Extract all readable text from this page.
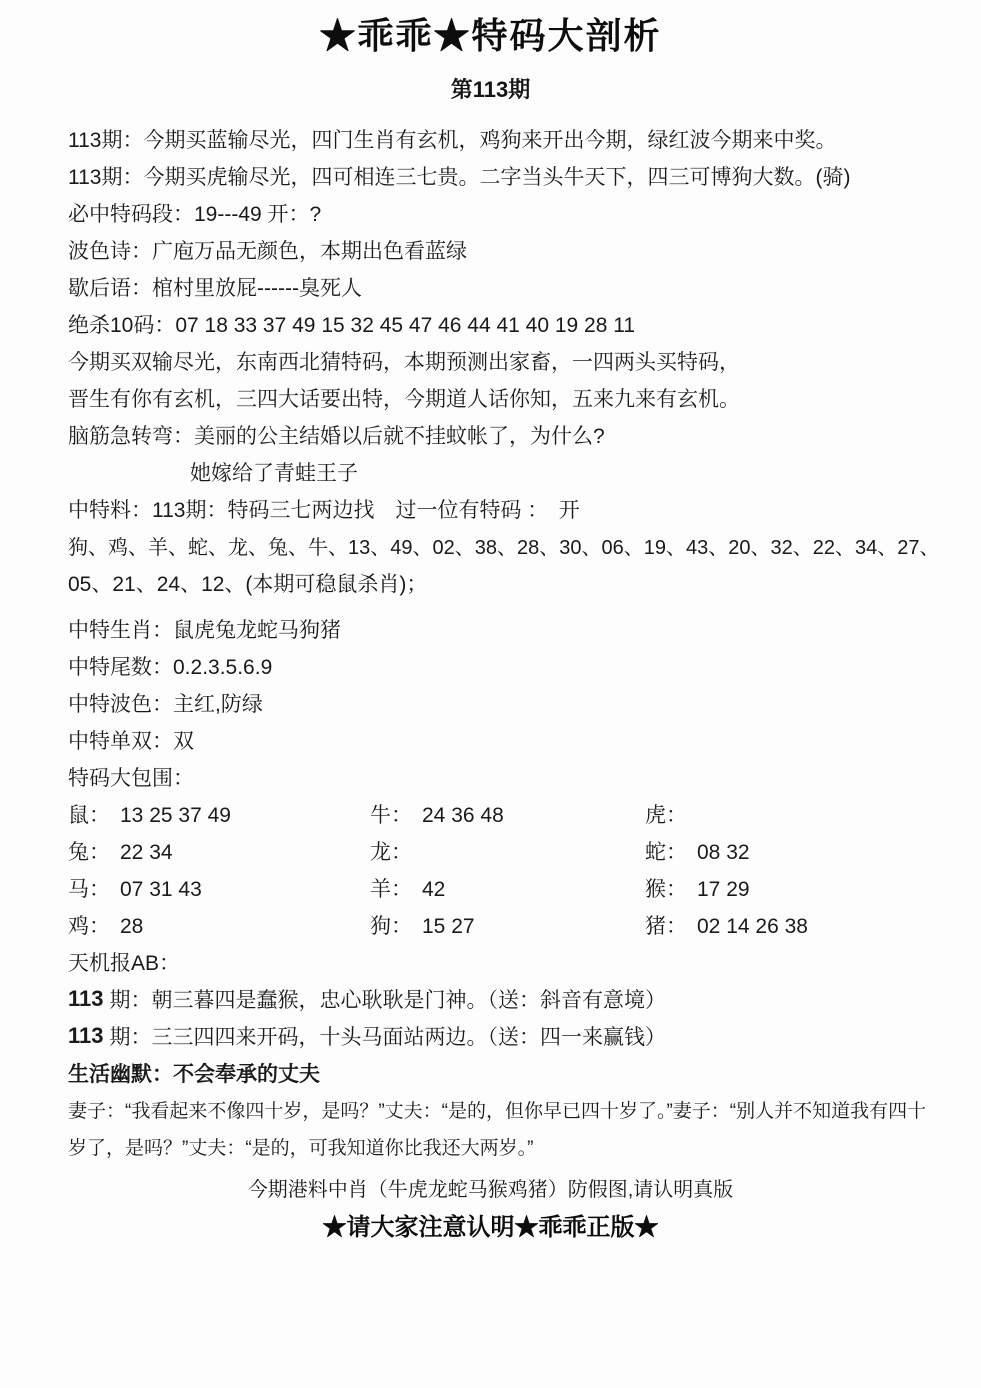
★乖乖★特码大剖析
第113期
113期：今期买蓝输尽光，四门生肖有玄机，鸡狗来开出今期，绿红波今期来中奖。
113期：今期买虎输尽光，四可相连三七贵。二字当头牛天下，四三可博狗大数。(骑)
必中特码段：19---49 开：?
波色诗：广庖万品无颜色，本期出色看蓝绿
歇后语：棺村里放屁------臭死人
绝杀10码：07 18 33 37 49 15 32 45 47 46 44 41 40 19 28 11
今期买双输尽光，东南西北猜特码，本期预测出家畜，一四两头买特码，
晋生有你有玄机，三四大话要出特，今期道人话你知，五来九来有玄机。
脑筋急转弯：美丽的公主结婚以后就不挂蚊帐了，为什么?
她嫁给了青蛙王子
中特料：113期：特码三七两边找　过一位有特码 ：　开
狗、鸡、羊、蛇、龙、兔、牛、13、49、02、38、28、30、06、19、43、20、32、22、34、27、
05、21、24、12、(本期可稳鼠杀肖)；
中特生肖：鼠虎兔龙蛇马狗猪
中特尾数：0.2.3.5.6.9
中特波色：主红,防绿
中特单双：双
特码大包围：
鼠： 13 25 37 49	牛： 24 36 48	虎：
兔： 22 34	龙：	蛇： 08 32
马： 07 31 43	羊： 42	猴： 17 29
鸡： 28	狗： 15 27	猪： 02 14 26 38
天机报AB：
113 期：朝三暮四是蠢猴，忠心耿耿是门神。（送：斜音有意境）
113 期：三三四四来开码，十头马面站两边。（送：四一来赢钱）
生活幽默：不会奉承的丈夫
妻子：“我看起来不像四十岁，是吗？”丈夫：“是的，但你早已四十岁了。”妻子：“别人并不知道我有四十
岁了，是吗？”丈夫：“是的，可我知道你比我还大两岁。”
今期港料中肖（牛虎龙蛇马猴鸡猪）防假图,请认明真版
★请大家注意认明★乖乖正版★
